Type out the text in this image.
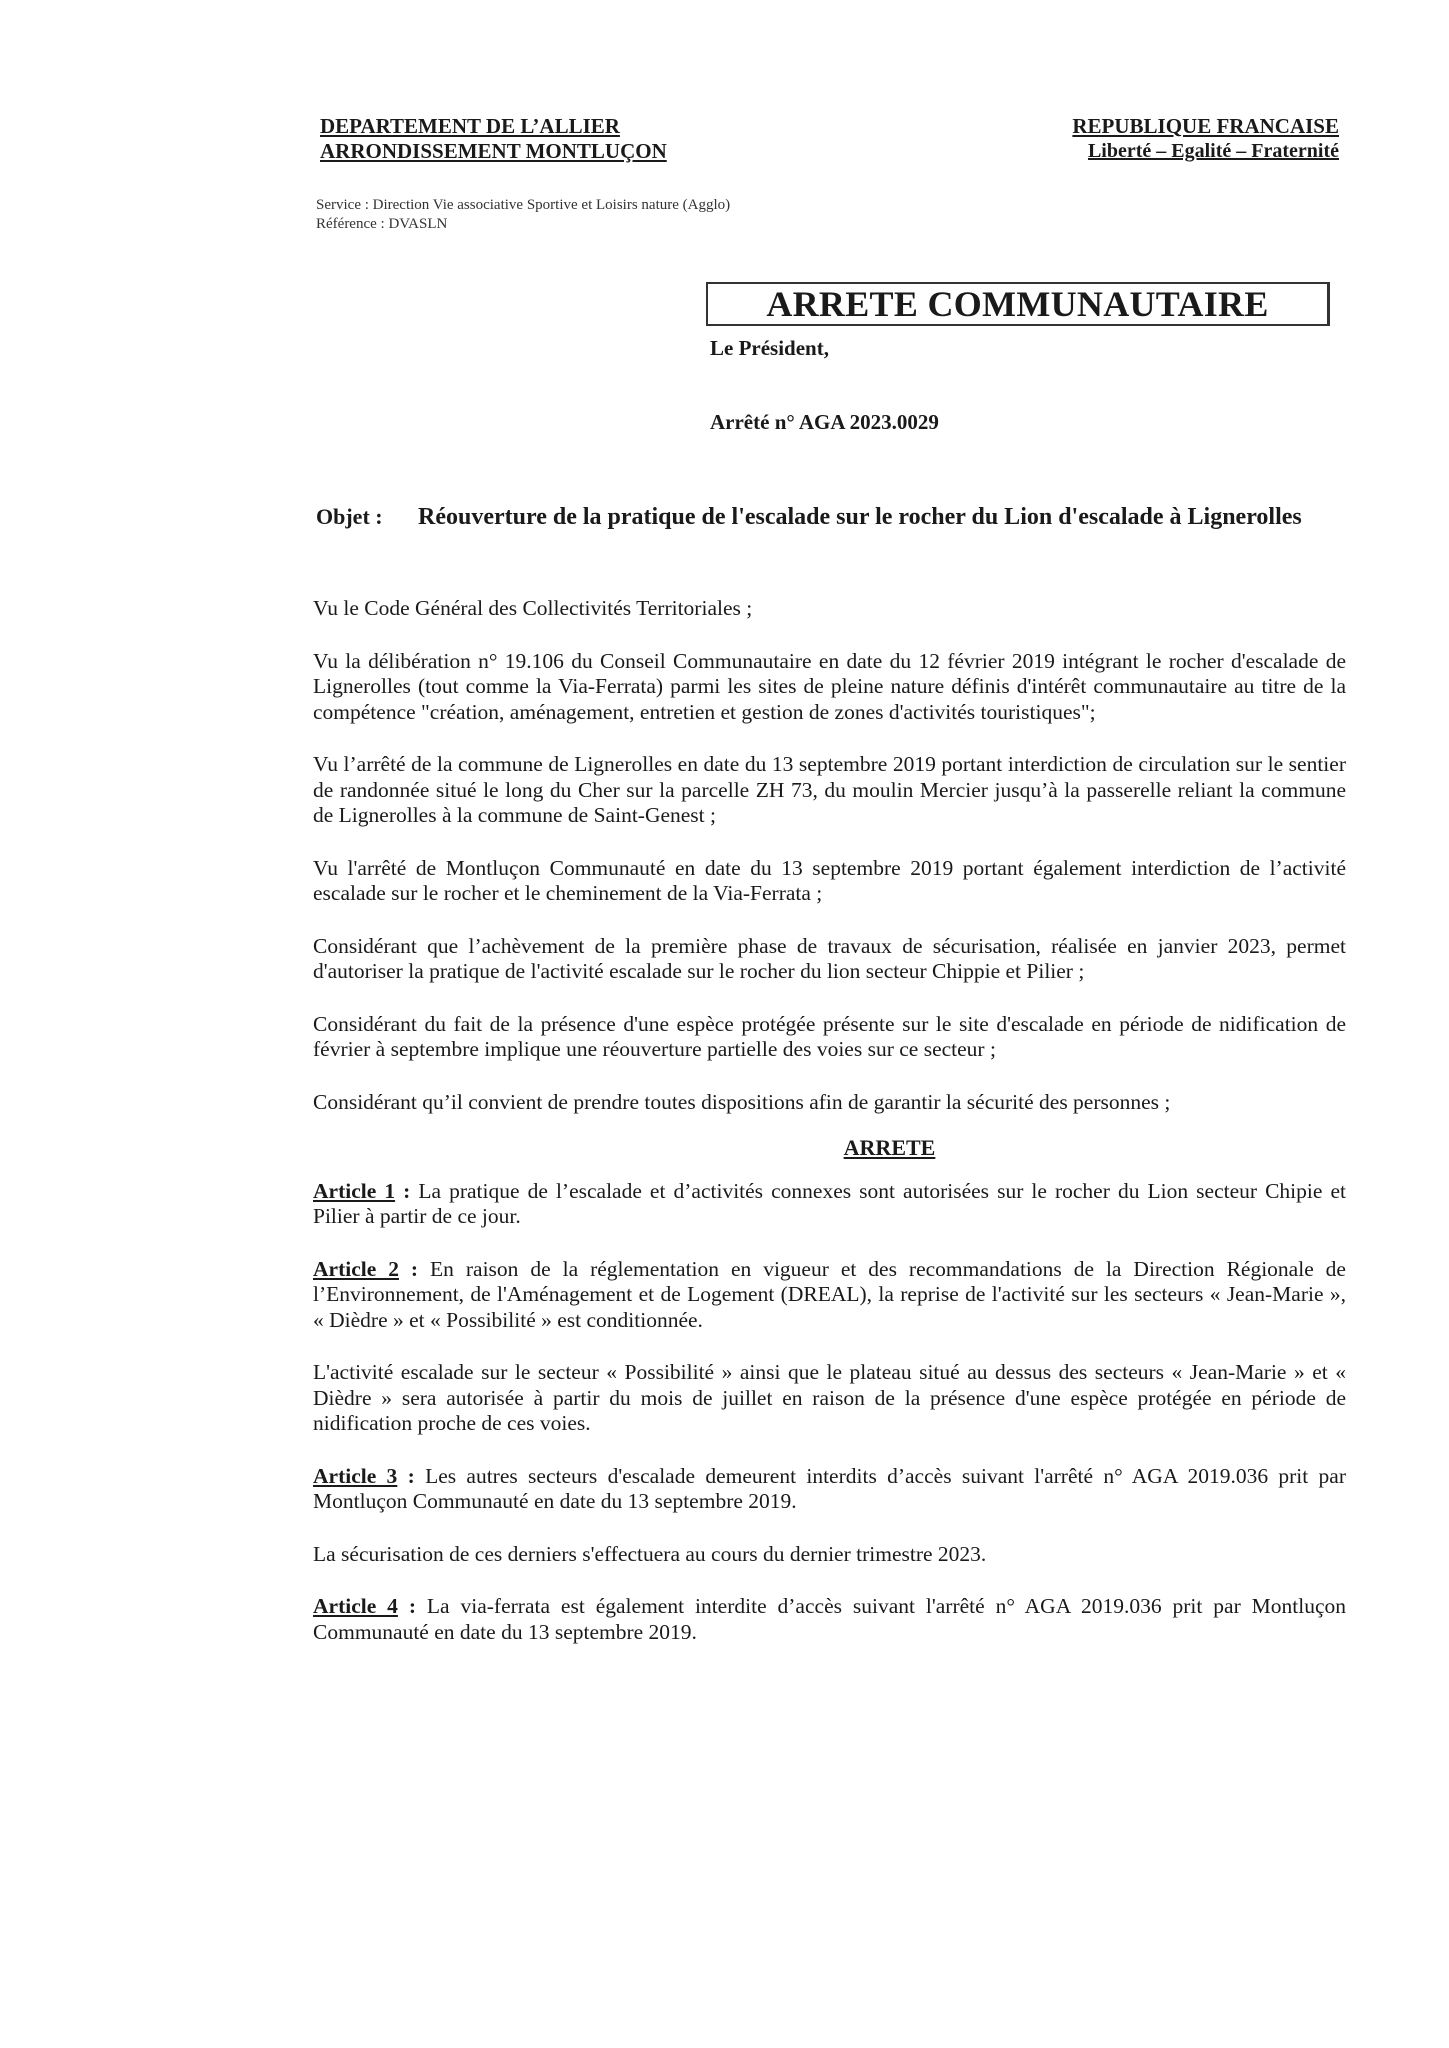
DEPARTEMENT DE L’ALLIER
ARRONDISSEMENT MONTLUÇON
REPUBLIQUE FRANCAISE
Liberté – Egalité – Fraternité
Service : Direction Vie associative Sportive et Loisirs nature (Agglo)
Référence : DVASLN
ARRETE COMMUNAUTAIRE
Le Président,
Arrêté n° AGA 2023.0029
Objet :	Réouverture de la pratique de l'escalade sur le rocher du Lion d'escalade à Lignerolles

Vu le Code Général des Collectivités Territoriales ;

Vu la délibération n° 19.106 du Conseil Communautaire en date du 12 février 2019 intégrant le rocher d'escalade de Lignerolles (tout comme la Via-Ferrata) parmi les sites de pleine nature définis d'intérêt communautaire au titre de la compétence "création, aménagement, entretien et gestion de zones d'activités touristiques";

Vu l’arrêté de la commune de Lignerolles en date du 13 septembre 2019 portant interdiction de circulation sur le sentier de randonnée situé le long du Cher sur la parcelle ZH 73, du moulin Mercier jusqu’à la passerelle reliant la commune de Lignerolles à la commune de Saint-Genest ;

Vu l'arrêté de Montluçon Communauté en date du 13 septembre 2019 portant également interdiction de l’activité escalade sur le rocher et le cheminement de la Via-Ferrata ;

Considérant que l’achèvement de la première phase de travaux de sécurisation, réalisée en janvier 2023, permet d'autoriser la pratique de l'activité escalade sur le rocher du lion secteur Chippie et Pilier ;

Considérant du fait de la présence d'une espèce protégée présente sur le site d'escalade en période de nidification de février à septembre implique une réouverture partielle des voies sur ce secteur ;

Considérant qu’il convient de prendre toutes dispositions afin de garantir la sécurité des personnes ;

ARRETE

Article 1 : La pratique de l’escalade et d’activités connexes sont autorisées sur le rocher du Lion secteur Chipie et Pilier à partir de ce jour.

Article 2 : En raison de la réglementation en vigueur et des recommandations de la Direction Régionale de l’Environnement, de l'Aménagement et de Logement (DREAL), la reprise de l'activité sur les secteurs « Jean-Marie », « Dièdre » et « Possibilité » est conditionnée.

L'activité escalade sur le secteur « Possibilité » ainsi que le plateau situé au dessus des secteurs « Jean-Marie » et « Dièdre » sera autorisée à partir du mois de juillet en raison de la présence d'une espèce protégée en période de nidification proche de ces voies.

Article 3 : Les autres secteurs d'escalade demeurent interdits d’accès suivant l'arrêté n° AGA 2019.036 prit par Montluçon Communauté en date du 13 septembre 2019.

La sécurisation de ces derniers s'effectuera au cours du dernier trimestre 2023.

Article 4 : La via-ferrata est également interdite d’accès suivant l'arrêté n° AGA 2019.036 prit par Montluçon Communauté en date du 13 septembre 2019.
